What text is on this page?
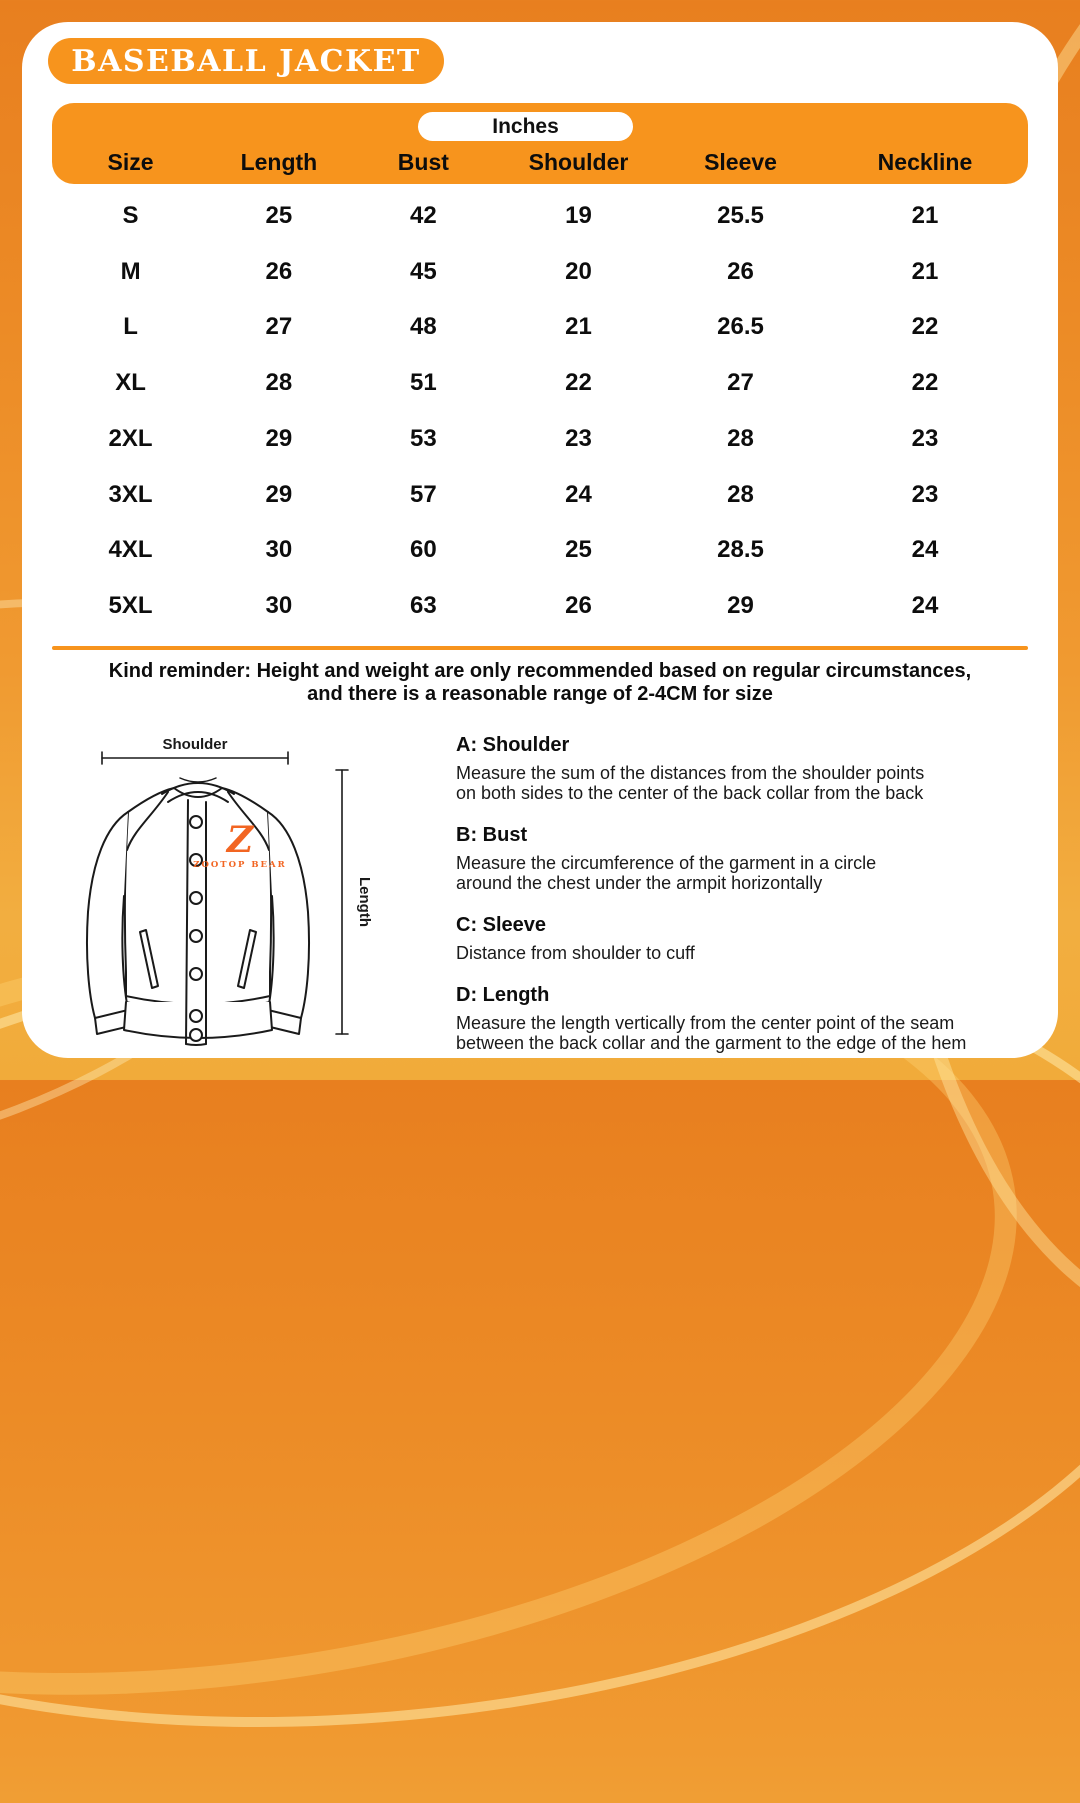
BASEBALL JACKET
Inches
Size	Length	Bust	Shoulder	Sleeve	Neckline
S	25	42	19	25.5	21
M	26	45	20	26	21
L	27	48	21	26.5	22
XL	28	51	22	27	22
2XL	29	53	23	28	23
3XL	29	57	24	28	23
4XL	30	60	25	28.5	24
5XL	30	63	26	29	24
Kind reminder: Height and weight are only recommended based on regular circumstances,
and there is a reasonable range of 2-4CM for size
Shoulder
Length
Z
ZOOTOP BEAR
A: Shoulder
Measure the sum of the distances from the shoulder points
on both sides to the center of the back collar from the back
B: Bust
Measure the circumference of the garment in a circle
around the chest under the armpit horizontally
C: Sleeve
Distance from shoulder to cuff
D: Length
Measure the length vertically from the center point of the seam
between the back collar and the garment to the edge of the hem
